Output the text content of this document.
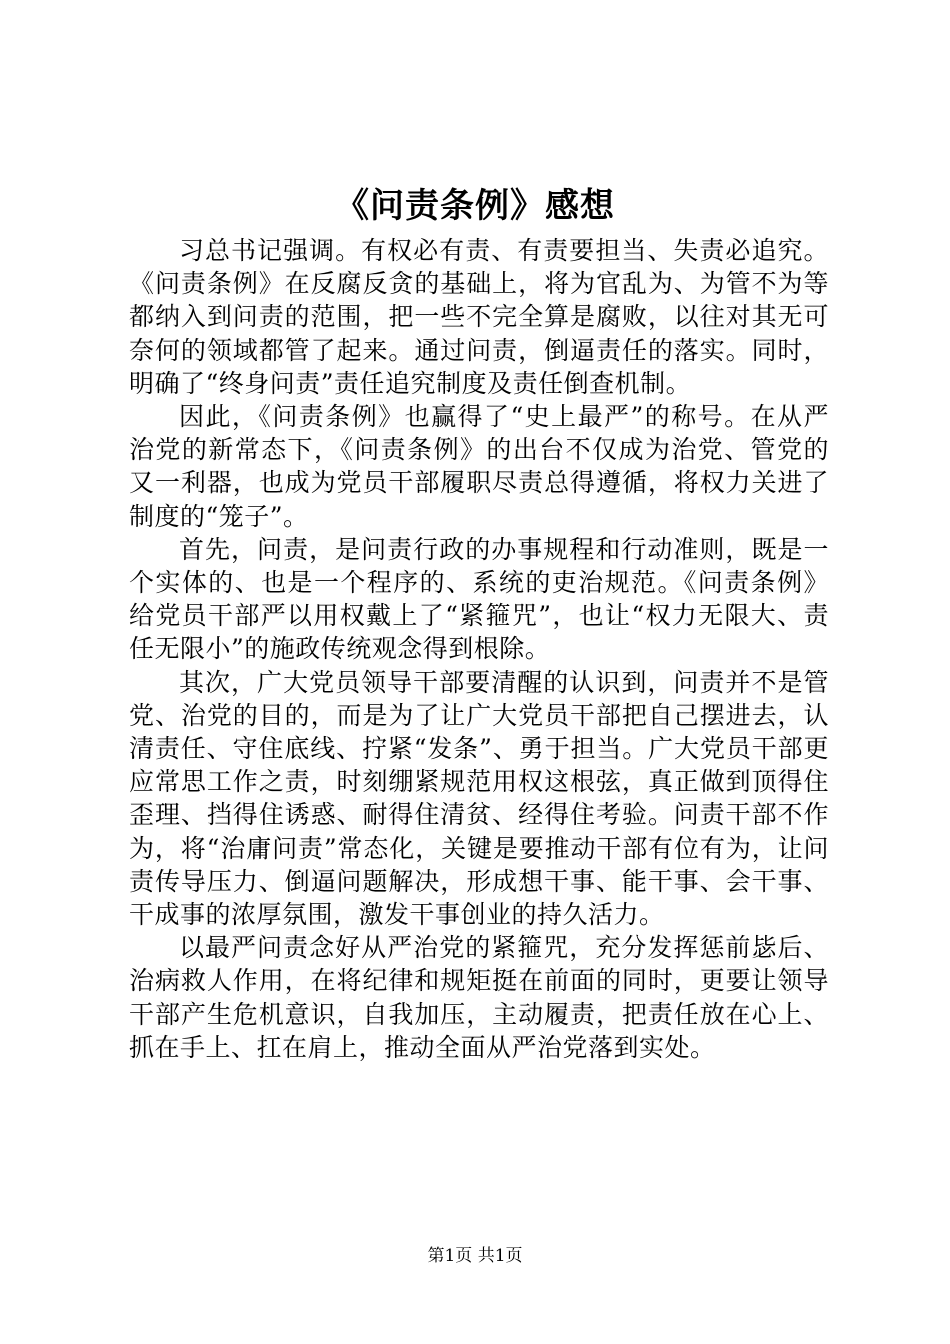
《问责条例》感想

习总书记强调。有权必有责、有责要担当、失责必追究。《问责条例》在反腐反贪的基础上，将为官乱为、为管不为等都纳入到问责的范围，把一些不完全算是腐败，以往对其无可奈何的领域都管了起来。通过问责，倒逼责任的落实。同时，明确了“终身问责”责任追究制度及责任倒查机制。

因此，《问责条例》也赢得了“史上最严”的称号。在从严治党的新常态下，《问责条例》的出台不仅成为治党、管党的又一利器，也成为党员干部履职尽责总得遵循，将权力关进了制度的“笼子”。

首先，问责，是问责行政的办事规程和行动准则，既是一个实体的、也是一个程序的、系统的吏治规范。《问责条例》给党员干部严以用权戴上了“紧箍咒”，也让“权力无限大、责任无限小”的施政传统观念得到根除。

其次，广大党员领导干部要清醒的认识到，问责并不是管党、治党的目的，而是为了让广大党员干部把自己摆进去，认清责任、守住底线、拧紧“发条”、勇于担当。广大党员干部更应常思工作之责，时刻绷紧规范用权这根弦，真正做到顶得住歪理、挡得住诱惑、耐得住清贫、经得住考验。问责干部不作为，将“治庸问责”常态化，关键是要推动干部有位有为，让问责传导压力、倒逼问题解决，形成想干事、能干事、会干事、干成事的浓厚氛围，激发干事创业的持久活力。

以最严问责念好从严治党的紧箍咒，充分发挥惩前毖后、治病救人作用，在将纪律和规矩挺在前面的同时，更要让领导干部产生危机意识，自我加压，主动履责，把责任放在心上、抓在手上、扛在肩上，推动全面从严治党落到实处。

第1页 共1页
